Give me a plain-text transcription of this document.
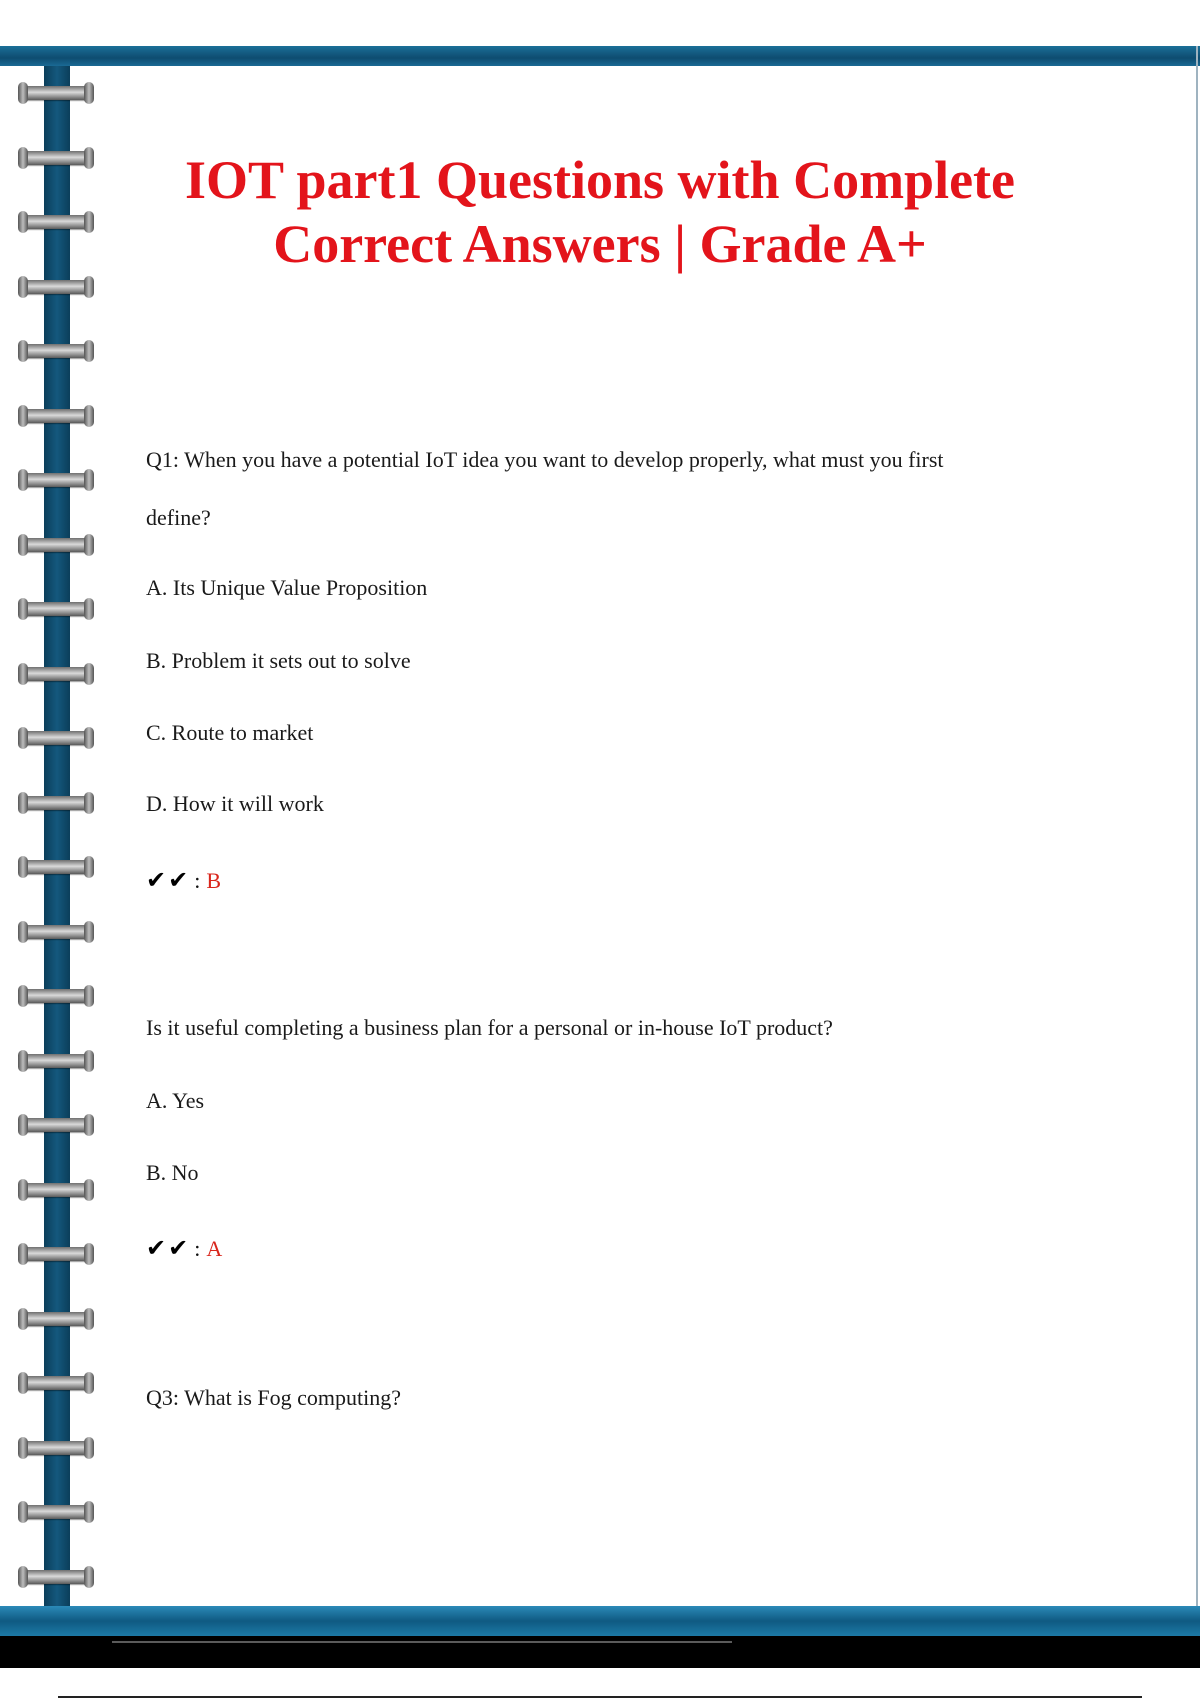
IOT part1 Questions with Complete
Correct Answers | Grade A+
Q1: When you have a potential IoT idea you want to develop properly, what must you first
define?
A. Its Unique Value Proposition
B. Problem it sets out to solve
C. Route to market
D. How it will work
✔✔ : B
Is it useful completing a business plan for a personal or in-house IoT product?
A. Yes
B. No
✔✔ : A
Q3: What is Fog computing?
